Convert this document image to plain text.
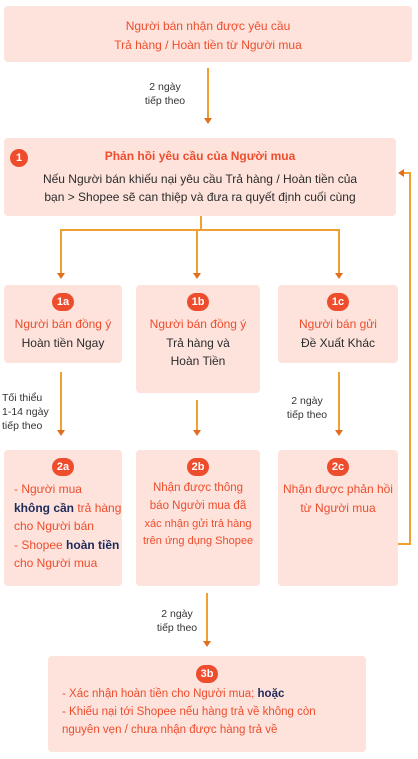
Người bán nhận được yêu cầu
Trả hàng / Hoàn tiền từ Người mua
2 ngày
tiếp theo
1	Phản hồi yêu cầu của Người mua
Nếu Người bán khiếu nại yêu cầu Trả hàng / Hoàn tiền của
bạn > Shopee sẽ can thiệp và đưa ra quyết định cuối cùng
1a
Người bán đồng ý
Hoàn tiền Ngay
1b
Người bán đồng ý
Trả hàng và
Hoàn Tiền
1c
Người bán gửi
Đề Xuất Khác
Tối thiểu
1-14 ngày
tiếp theo
2 ngày
tiếp theo
2a
- Người mua
không cần trả hàng
cho Người bán
- Shopee hoàn tiền
cho Người mua
2b
Nhận được thông
báo Người mua đã
xác nhận gửi trả hàng
trên ứng dụng Shopee
2c
Nhận được phản hồi
từ Người mua
2 ngày
tiếp theo
3b
- Xác nhận hoàn tiền cho Người mua; hoặc
- Khiếu nại tới Shopee nếu hàng trả về không còn
nguyên vẹn / chưa nhận được hàng trả về
